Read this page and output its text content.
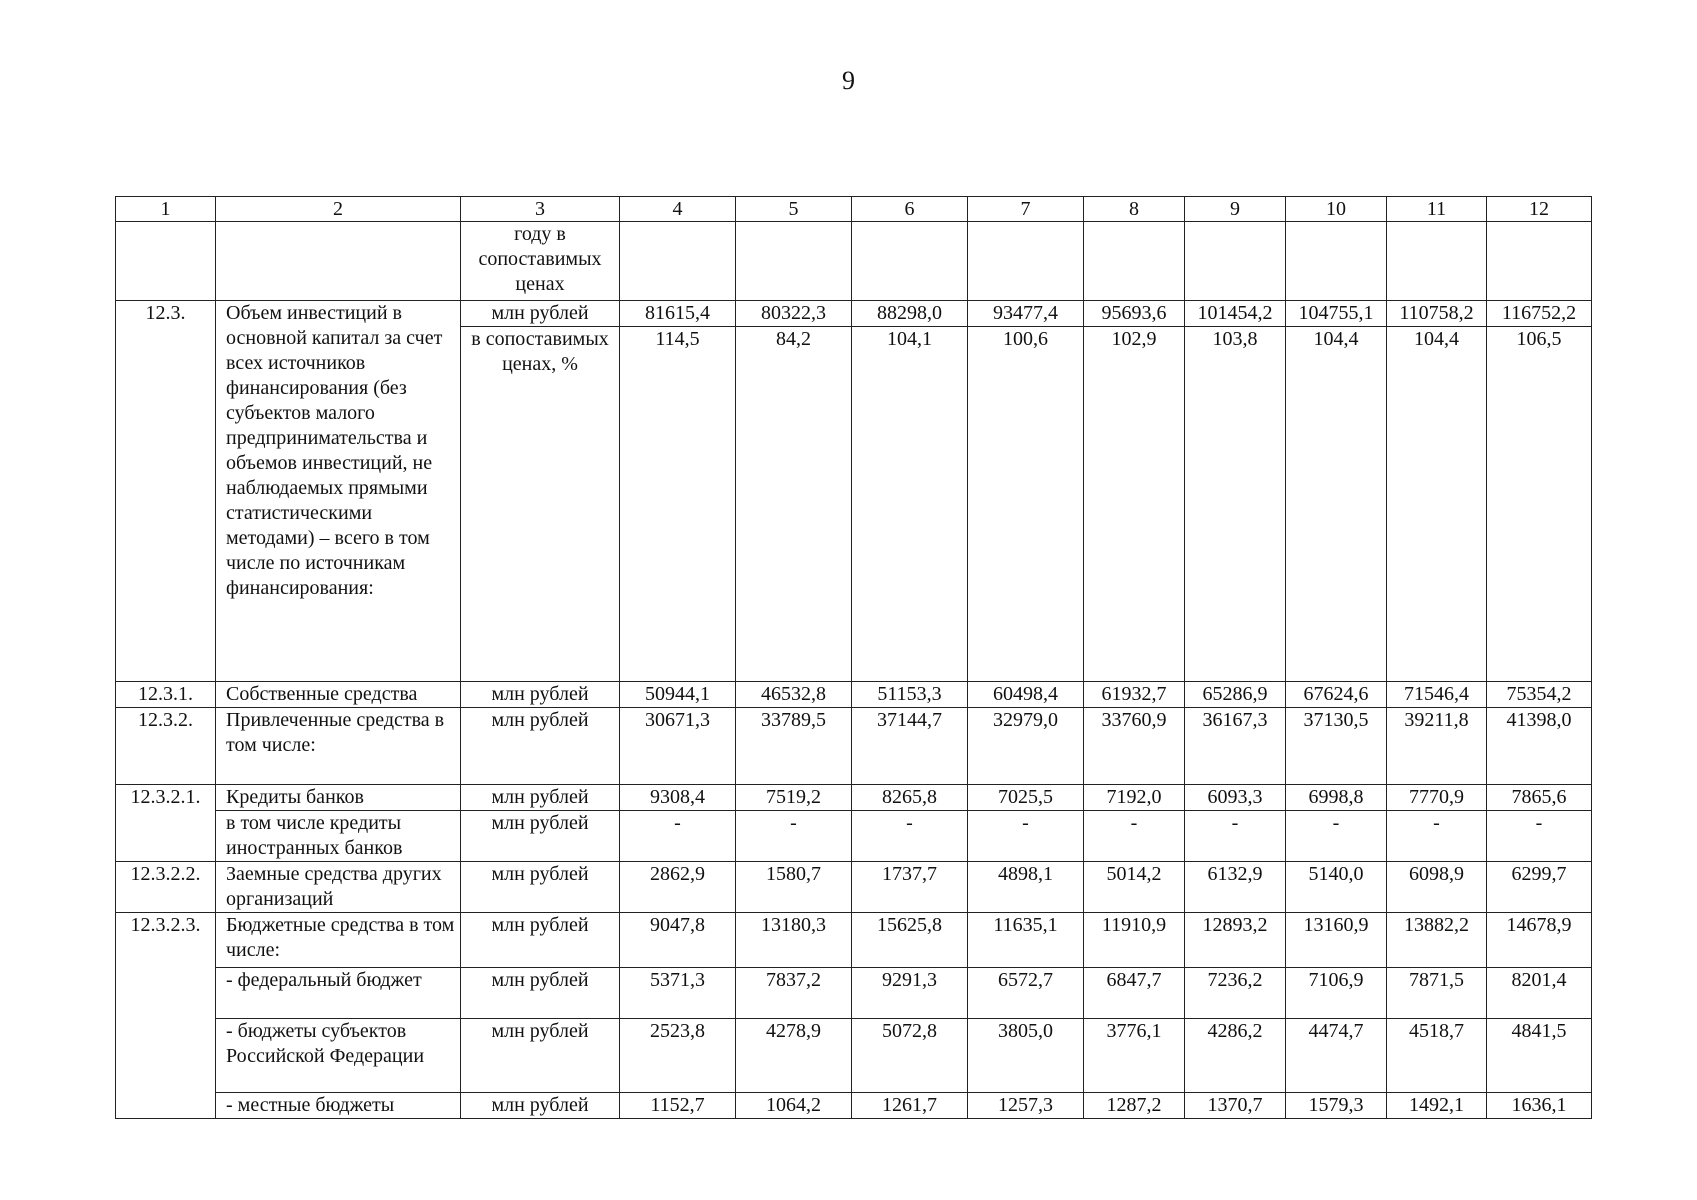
9
1	2	3	4	5	6	7	8	9	10	11	12
		году в сопоставимых ценах									
12.3.	Объем инвестиций в основной капитал за счет всех источников финансирования (без субъектов малого предпринимательства и объемов инвестиций, не наблюдаемых прямыми статистическими методами) – всего в том числе по источникам финансирования:	млн рублей	81615,4	80322,3	88298,0	93477,4	95693,6	101454,2	104755,1	110758,2	116752,2
		в сопоставимых ценах, %	114,5	84,2	104,1	100,6	102,9	103,8	104,4	104,4	106,5
12.3.1.	Собственные средства	млн рублей	50944,1	46532,8	51153,3	60498,4	61932,7	65286,9	67624,6	71546,4	75354,2
12.3.2.	Привлеченные средства в том числе:	млн рублей	30671,3	33789,5	37144,7	32979,0	33760,9	36167,3	37130,5	39211,8	41398,0
12.3.2.1.	Кредиты банков	млн рублей	9308,4	7519,2	8265,8	7025,5	7192,0	6093,3	6998,8	7770,9	7865,6
	в том числе кредиты иностранных банков	млн рублей	-	-	-	-	-	-	-	-	-
12.3.2.2.	Заемные средства других организаций	млн рублей	2862,9	1580,7	1737,7	4898,1	5014,2	6132,9	5140,0	6098,9	6299,7
12.3.2.3.	Бюджетные средства в том числе:	млн рублей	9047,8	13180,3	15625,8	11635,1	11910,9	12893,2	13160,9	13882,2	14678,9
	- федеральный бюджет	млн рублей	5371,3	7837,2	9291,3	6572,7	6847,7	7236,2	7106,9	7871,5	8201,4
	- бюджеты субъектов Российской Федерации	млн рублей	2523,8	4278,9	5072,8	3805,0	3776,1	4286,2	4474,7	4518,7	4841,5
	- местные бюджеты	млн рублей	1152,7	1064,2	1261,7	1257,3	1287,2	1370,7	1579,3	1492,1	1636,1
